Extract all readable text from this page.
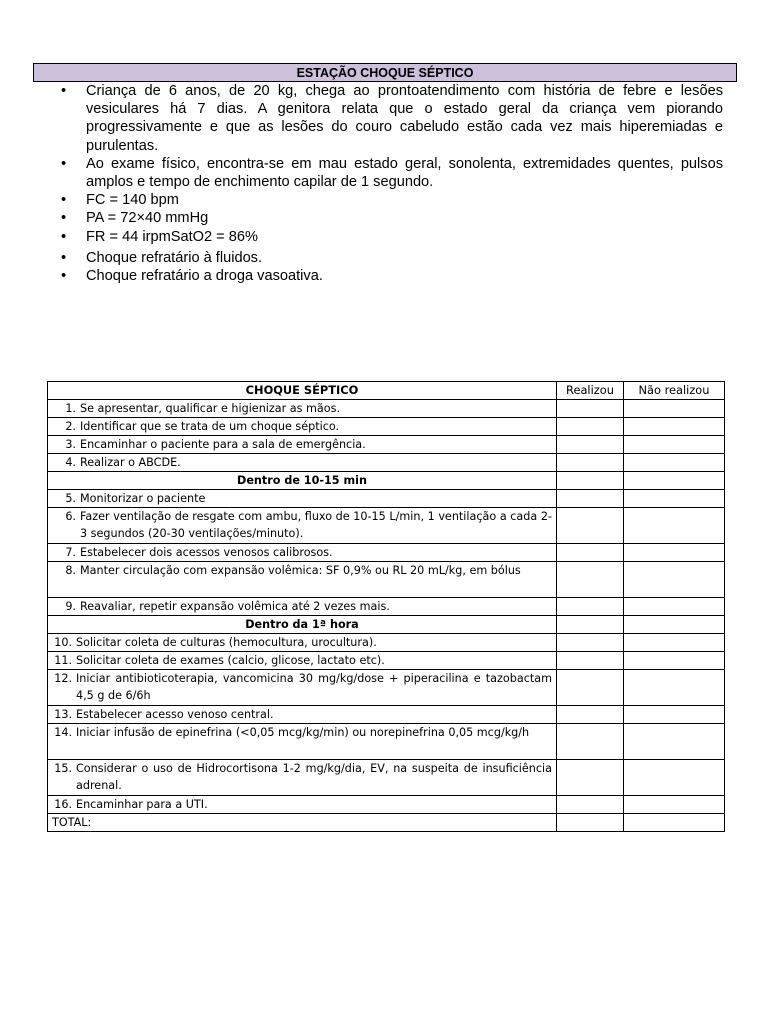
ESTAÇÃO CHOQUE SÉPTICO
• Criança de 6 anos, de 20 kg, chega ao prontoatendimento com história de febre e lesões vesiculares há 7 dias. A genitora relata que o estado geral da criança vem piorando progressivamente e que as lesões do couro cabeludo estão cada vez mais hiperemiadas e purulentas.
• Ao exame físico, encontra-se em mau estado geral, sonolenta, extremidades quentes, pulsos amplos e tempo de enchimento capilar de 1 segundo.
• FC = 140 bpm
• PA = 72×40 mmHg
• FR = 44 irpmSatO2 = 86%
• Choque refratário à fluidos.
• Choque refratário a droga vasoativa.
CHOQUE SÉPTICO	Realizou	Não realizou
1. Se apresentar, qualificar e higienizar as mãos.		
2. Identificar que se trata de um choque séptico.		
3. Encaminhar o paciente para a sala de emergência.		
4. Realizar o ABCDE.		
Dentro de 10-15 min		
5. Monitorizar o paciente		

6. Fazer ventilação de resgate com ambu, fluxo de 10-15 L/min, 1 ventilação a cada 2-3 segundos (20-30 ventilações/minuto).		

7. Estabelecer dois acessos venosos calibrosos.		

8. Manter circulação com expansão volêmica: SF 0,9% ou RL 20 mL/kg, em bólus		

9. Reavaliar, repetir expansão volêmica até 2 vezes mais.		
Dentro da 1ª hora		
10. Solicitar coleta de culturas (hemocultura, urocultura).		
11. Solicitar coleta de exames (calcio, glicose, lactato etc).		

12. Iniciar antibioticoterapia, vancomicina 30 mg/kg/dose + piperacilina e tazobactam 4,5 g de 6/6h		

13. Estabelecer acesso venoso central.		

14. Iniciar infusão de epinefrina (<0,05 mcg/kg/min) ou norepinefrina 0,05 mcg/kg/h		

15. Considerar o uso de Hidrocortisona 1-2 mg/kg/dia, EV, na suspeita de insuficiência adrenal.		

16. Encaminhar para a UTI.		
TOTAL:		
